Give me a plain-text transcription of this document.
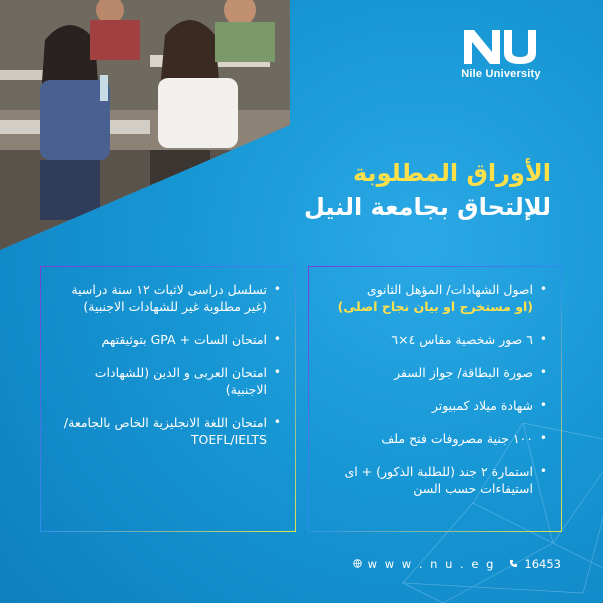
Nile University
الأوراق المطلوبة
للإلتحاق بجامعة النيل
• اصول الشهادات/ المؤهل الثانوى
(او مستخرج او بيان نجاح اصلى)
• ٦ صور شخصية مقاس ٤×٦
• صورة البطاقة/ جواز السفر
• شهادة ميلاد كمبيوتر
• ١٠٠ جنية مصروفات فتح ملف
• استمارة ٢ جند (للطلبة الذكور) + اى استيفاءات حسب السن
• تسلسل دراسى لاثبات ١٢ سنة دراسية (غير مطلوبة غير للشهادات الاجنبية)
• امتحان السات + GPA بتوثيقتهم
• امتحان العربى و الدين (للشهادات الاجنبية)
• امتحان اللغة الانجليزية الخاص بالجامعة/ TOEFL/IELTS
w w w . n u . e g	16453
